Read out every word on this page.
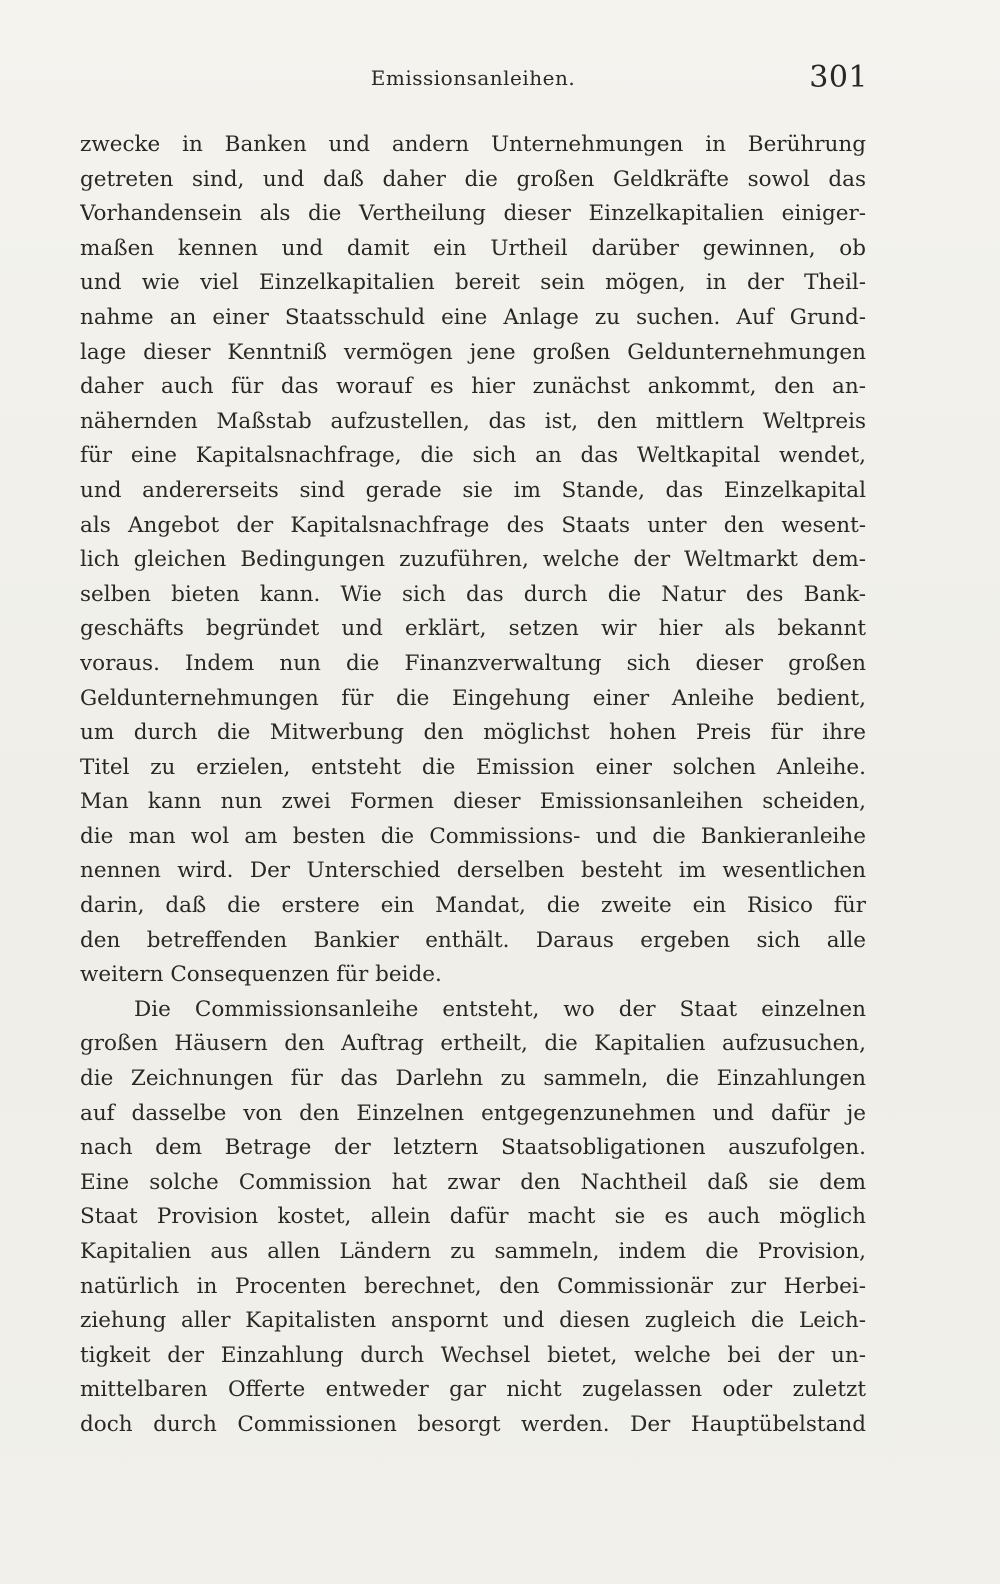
Emissionsanleihen.	301
zwecke in Banken und andern Unternehmungen in Berührung
getreten sind, und daß daher die großen Geldkräfte sowol das
Vorhandensein als die Vertheilung dieser Einzelkapitalien einiger-
maßen kennen und damit ein Urtheil darüber gewinnen, ob
und wie viel Einzelkapitalien bereit sein mögen, in der Theil-
nahme an einer Staatsschuld eine Anlage zu suchen. Auf Grund-
lage dieser Kenntniß vermögen jene großen Geldunternehmungen
daher auch für das worauf es hier zunächst ankommt, den an-
nähernden Maßstab aufzustellen, das ist, den mittlern Weltpreis
für eine Kapitalsnachfrage, die sich an das Weltkapital wendet,
und andererseits sind gerade sie im Stande, das Einzelkapital
als Angebot der Kapitalsnachfrage des Staats unter den wesent-
lich gleichen Bedingungen zuzuführen, welche der Weltmarkt dem-
selben bieten kann. Wie sich das durch die Natur des Bank-
geschäfts begründet und erklärt, setzen wir hier als bekannt
voraus. Indem nun die Finanzverwaltung sich dieser großen
Geldunternehmungen für die Eingehung einer Anleihe bedient,
um durch die Mitwerbung den möglichst hohen Preis für ihre
Titel zu erzielen, entsteht die Emission einer solchen Anleihe.
Man kann nun zwei Formen dieser Emissionsanleihen scheiden,
die man wol am besten die Commissions- und die Bankieranleihe
nennen wird. Der Unterschied derselben besteht im wesentlichen
darin, daß die erstere ein Mandat, die zweite ein Risico für
den betreffenden Bankier enthält. Daraus ergeben sich alle
weitern Consequenzen für beide.
Die Commissionsanleihe entsteht, wo der Staat einzelnen
großen Häusern den Auftrag ertheilt, die Kapitalien aufzusuchen,
die Zeichnungen für das Darlehn zu sammeln, die Einzahlungen
auf dasselbe von den Einzelnen entgegenzunehmen und dafür je
nach dem Betrage der letztern Staatsobligationen auszufolgen.
Eine solche Commission hat zwar den Nachtheil daß sie dem
Staat Provision kostet, allein dafür macht sie es auch möglich
Kapitalien aus allen Ländern zu sammeln, indem die Provision,
natürlich in Procenten berechnet, den Commissionär zur Herbei-
ziehung aller Kapitalisten anspornt und diesen zugleich die Leich-
tigkeit der Einzahlung durch Wechsel bietet, welche bei der un-
mittelbaren Offerte entweder gar nicht zugelassen oder zuletzt
doch durch Commissionen besorgt werden. Der Hauptübelstand
